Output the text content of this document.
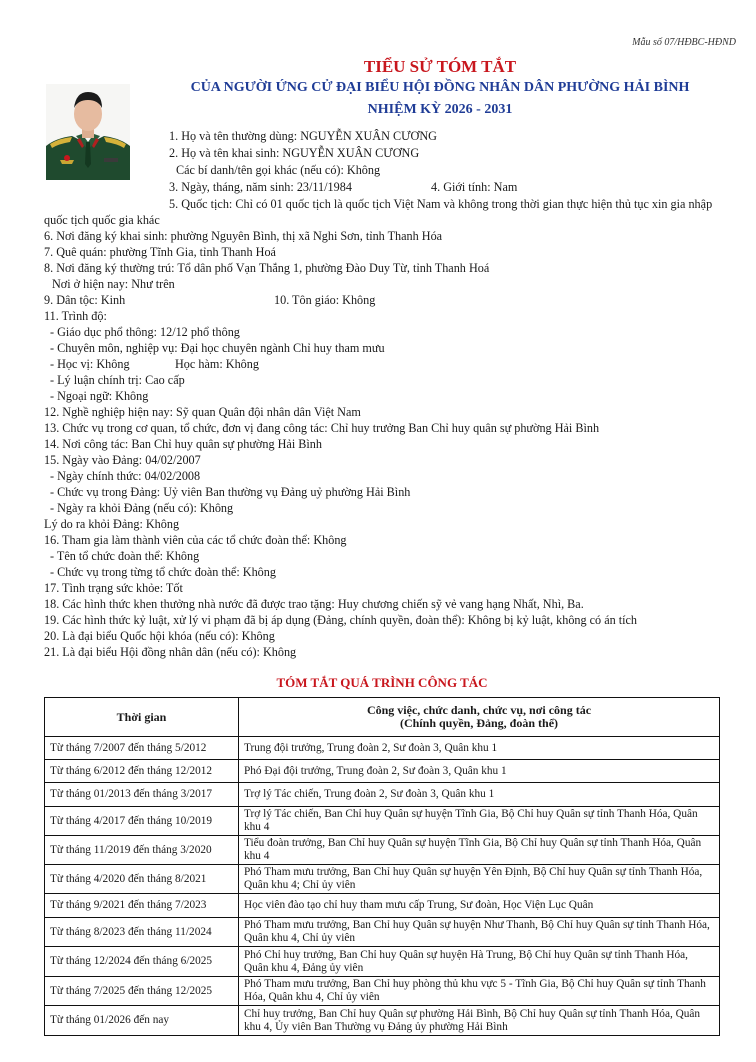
Mẫu số 07/HĐBC-HĐND
TIỂU SỬ TÓM TẮT
CỦA NGƯỜI ỨNG CỬ ĐẠI BIỂU HỘI ĐỒNG NHÂN DÂN PHƯỜNG HẢI BÌNH
NHIỆM KỲ 2026 - 2031
1. Họ và tên thường dùng: NGUYỄN XUÂN CƯƠNG
2. Họ và tên khai sinh: NGUYỄN XUÂN CƯƠNG
Các bí danh/tên gọi khác (nếu có): Không
3. Ngày, tháng, năm sinh: 23/11/1984	4. Giới tính: Nam
5. Quốc tịch: Chỉ có 01 quốc tịch là quốc tịch Việt Nam và không trong thời gian thực hiện thủ tục xin gia nhập
quốc tịch quốc gia khác
6. Nơi đăng ký khai sinh: phường Nguyên Bình, thị xã Nghi Sơn, tỉnh Thanh Hóa
7. Quê quán: phường Tĩnh Gia, tỉnh Thanh Hoá
8. Nơi đăng ký thường trú: Tổ dân phố Vạn Thắng 1, phường Đào Duy Từ, tỉnh Thanh Hoá
Nơi ở hiện nay: Như trên
9. Dân tộc: Kinh	10. Tôn giáo: Không
11. Trình độ:
- Giáo dục phổ thông: 12/12 phổ thông
- Chuyên môn, nghiệp vụ: Đại học chuyên ngành Chỉ huy tham mưu
- Học vị: Không	Học hàm: Không
- Lý luận chính trị: Cao cấp
- Ngoại ngữ: Không
12. Nghề nghiệp hiện nay: Sỹ quan Quân đội nhân dân Việt Nam
13. Chức vụ trong cơ quan, tổ chức, đơn vị đang công tác: Chỉ huy trưởng Ban Chỉ huy quân sự phường Hải Bình
14. Nơi công tác: Ban Chỉ huy quân sự phường Hải Bình
15. Ngày vào Đảng: 04/02/2007
- Ngày chính thức: 04/02/2008
- Chức vụ trong Đảng: Uỷ viên Ban thường vụ Đảng uỷ phường Hải Bình
- Ngày ra khỏi Đảng (nếu có): Không
Lý do ra khỏi Đảng: Không
16. Tham gia làm thành viên của các tổ chức đoàn thể: Không
- Tên tổ chức đoàn thể: Không
- Chức vụ trong từng tổ chức đoàn thể: Không
17. Tình trạng sức khỏe: Tốt
18. Các hình thức khen thưởng nhà nước đã được trao tặng: Huy chương chiến sỹ vẻ vang hạng Nhất, Nhì, Ba.
19. Các hình thức kỷ luật, xử lý vi phạm đã bị áp dụng (Đảng, chính quyền, đoàn thể): Không bị kỷ luật, không có án tích
20. Là đại biểu Quốc hội khóa (nếu có): Không
21. Là đại biểu Hội đồng nhân dân (nếu có): Không
TÓM TẮT QUÁ TRÌNH CÔNG TÁC
Thời gian	Công việc, chức danh, chức vụ, nơi công tác
(Chính quyền, Đảng, đoàn thể)

Từ tháng 7/2007 đến tháng 5/2012	Trung đội trưởng, Trung đoàn 2, Sư đoàn 3, Quân khu 1
Từ tháng 6/2012 đến tháng 12/2012	Phó Đại đội trưởng, Trung đoàn 2, Sư đoàn 3, Quân khu 1
Từ tháng 01/2013 đến tháng 3/2017	Trợ lý Tác chiến, Trung đoàn 2, Sư đoàn 3, Quân khu 1
Từ tháng 4/2017 đến tháng 10/2019	Trợ lý Tác chiến, Ban Chỉ huy Quân sự huyện Tĩnh Gia, Bộ Chỉ huy Quân sự tỉnh Thanh Hóa, Quân khu 4
Từ tháng 11/2019 đến tháng 3/2020	Tiểu đoàn trưởng, Ban Chỉ huy Quân sự huyện Tĩnh Gia, Bộ Chỉ huy Quân sự tỉnh Thanh Hóa, Quân khu 4
Từ tháng 4/2020 đến tháng 8/2021	Phó Tham mưu trưởng, Ban Chỉ huy Quân sự huyện Yên Định, Bộ Chỉ huy Quân sự tỉnh Thanh Hóa, Quân khu 4; Chỉ ủy viên
Từ tháng 9/2021 đến tháng 7/2023	Học viên đào tạo chỉ huy tham mưu cấp Trung, Sư đoàn, Học Viện Lục Quân
Từ tháng 8/2023 đến tháng 11/2024	Phó Tham mưu trưởng, Ban Chỉ huy Quân sự huyện Như Thanh, Bộ Chỉ huy Quân sự tỉnh Thanh Hóa, Quân khu 4, Chỉ ủy viên
Từ tháng 12/2024 đến tháng 6/2025	Phó Chỉ huy trưởng, Ban Chỉ huy Quân sự huyện Hà Trung, Bộ Chỉ huy Quân sự tỉnh Thanh Hóa, Quân khu 4, Đảng ủy viên
Từ tháng 7/2025 đến tháng 12/2025	Phó Tham mưu trưởng, Ban Chỉ huy phòng thủ khu vực 5 - Tĩnh Gia, Bộ Chỉ huy Quân sự tỉnh Thanh Hóa, Quân khu 4, Chỉ ủy viên
Từ tháng 01/2026 đến nay	Chỉ huy trưởng, Ban Chỉ huy Quân sự phường Hải Bình, Bộ Chỉ huy Quân sự tỉnh Thanh Hóa, Quân khu 4, Ủy viên Ban Thường vụ Đảng ủy phường Hải Bình
